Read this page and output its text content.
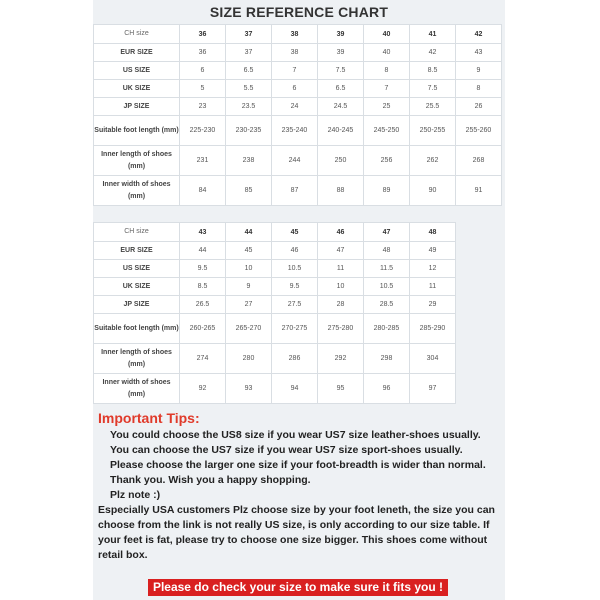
SIZE REFERENCE CHART
CH size	36	37	38	39	40	41	42
EUR SIZE	36	37	38	39	40	42	43
US SIZE	6	6.5	7	7.5	8	8.5	9
UK SIZE	5	5.5	6	6.5	7	7.5	8
JP SIZE	23	23.5	24	24.5	25	25.5	26
Suitable foot length (mm)	225-230	230-235	235-240	240-245	245-250	250-255	255-260
Inner length of shoes (mm)	231	238	244	250	256	262	268
Inner width of shoes (mm)	84	85	87	88	89	90	91
CH size	43	44	45	46	47	48	
EUR SIZE	44	45	46	47	48	49	
US SIZE	9.5	10	10.5	11	11.5	12	
UK SIZE	8.5	9	9.5	10	10.5	11	
JP SIZE	26.5	27	27.5	28	28.5	29	
Suitable foot length (mm)	260-265	265-270	270-275	275-280	280-285	285-290	
Inner length of shoes (mm)	274	280	286	292	298	304	
Inner width of shoes (mm)	92	93	94	95	96	97	
Important Tips:

You could choose the US8 size if you wear US7 size leather-shoes usually. You can choose the US7 size if you wear US7 size sport-shoes usually. Please choose the larger one size if your foot-breadth is wider than normal. Thank you. Wish you a happy shopping.

Plz note :)

Especially USA customers Plz choose size by your foot leneth, the size you can choose from the link is not really US size, is only according to our size table. If your feet is fat, please try to choose one size bigger. This shoes come without retail box.

Please do check your size to make sure it fits you !
